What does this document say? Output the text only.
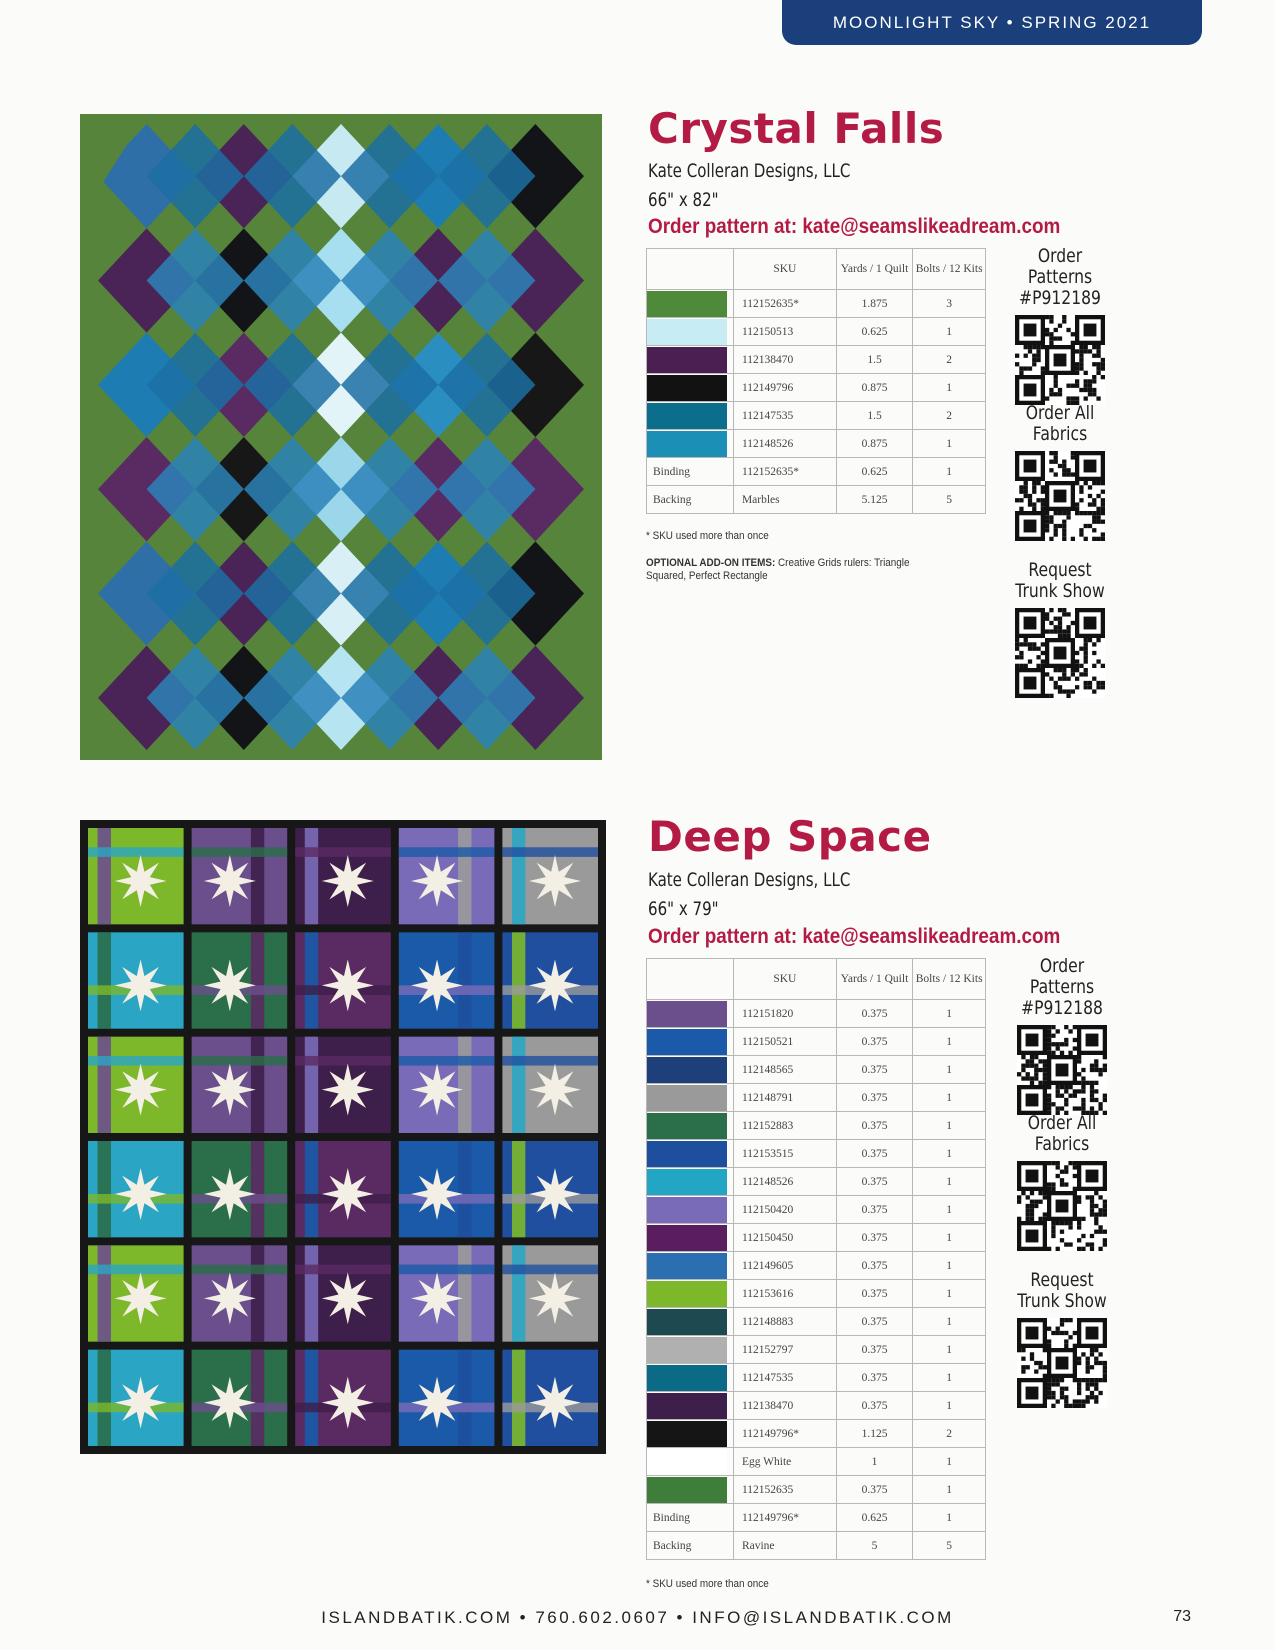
MOONLIGHT SKY • SPRING 2021
Crystal Falls
Kate Colleran Designs, LLC
66" x 82"
Order pattern at: kate@seamslikeadream.com
	SKU	Yards / 1 Quilt	Bolts / 12 Kits

	112152635*	1.875	3

	112150513	0.625	1

	112138470	1.5	2

	112149796	0.875	1

	112147535	1.5	2

	112148526	0.875	1
Binding	112152635*	0.625	1
Backing	Marbles	5.125	5
* SKU used more than once
OPTIONAL ADD-ON ITEMS: Creative Grids rulers: Triangle Squared, Perfect Rectangle
Order Patterns #P912189
Order All Fabrics
Request Trunk Show
Deep Space
Kate Colleran Designs, LLC
66" x 79"
Order pattern at: kate@seamslikeadream.com
	SKU	Yards / 1 Quilt	Bolts / 12 Kits

	112151820	0.375	1

	112150521	0.375	1

	112148565	0.375	1

	112148791	0.375	1

	112152883	0.375	1

	112153515	0.375	1

	112148526	0.375	1

	112150420	0.375	1

	112150450	0.375	1

	112149605	0.375	1

	112153616	0.375	1

	112148883	0.375	1

	112152797	0.375	1

	112147535	0.375	1

	112138470	0.375	1

	112149796*	1.125	2

	Egg White	1	1

	112152635	0.375	1
Binding	112149796*	0.625	1
Backing	Ravine	5	5
* SKU used more than once
Order Patterns #P912188
Order All Fabrics
Request Trunk Show
ISLANDBATIK.COM • 760.602.0607 • INFO@ISLANDBATIK.COM	73
